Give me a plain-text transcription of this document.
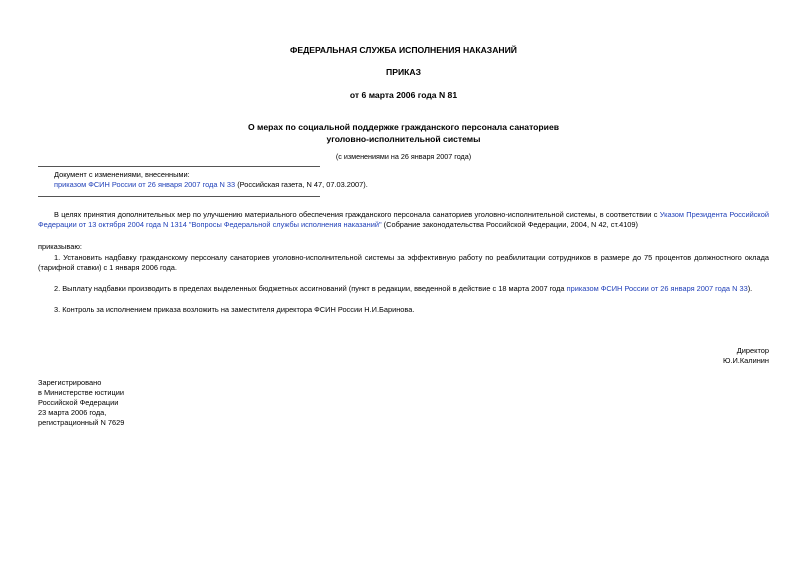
ФЕДЕРАЛЬНАЯ СЛУЖБА ИСПОЛНЕНИЯ НАКАЗАНИЙ
ПРИКАЗ
от 6 марта 2006 года N 81
О мерах по социальной поддержке гражданского персонала санаториев
уголовно-исполнительной системы
(с изменениями на 26 января 2007 года)
Документ с изменениями, внесенными:
приказом ФСИН России от 26 января 2007 года N 33 (Российская газета, N 47, 07.03.2007).
В целях принятия дополнительных мер по улучшению материального обеспечения гражданского персонала санаториев уголовно-исполнительной системы, в соответствии с Указом Президента Российской Федерации от 13 октября 2004 года N 1314 "Вопросы Федеральной службы исполнения наказаний" (Собрание законодательства Российской Федерации, 2004, N 42, ст.4109)
приказываю:
1. Установить надбавку гражданскому персоналу санаториев уголовно-исполнительной системы за эффективную работу по реабилитации сотрудников в размере до 75 процентов должностного оклада (тарифной ставки) с 1 января 2006 года.
2. Выплату надбавки производить в пределах выделенных бюджетных ассигнований (пункт в редакции, введенной в действие с 18 марта 2007 года приказом ФСИН России от 26 января 2007 года N 33).
3. Контроль за исполнением приказа возложить на заместителя директора ФСИН России Н.И.Баринова.
Директор
Ю.И.Калинин
Зарегистрировано
в Министерстве юстиции
Российской Федерации
23 марта 2006 года,
регистрационный N 7629
